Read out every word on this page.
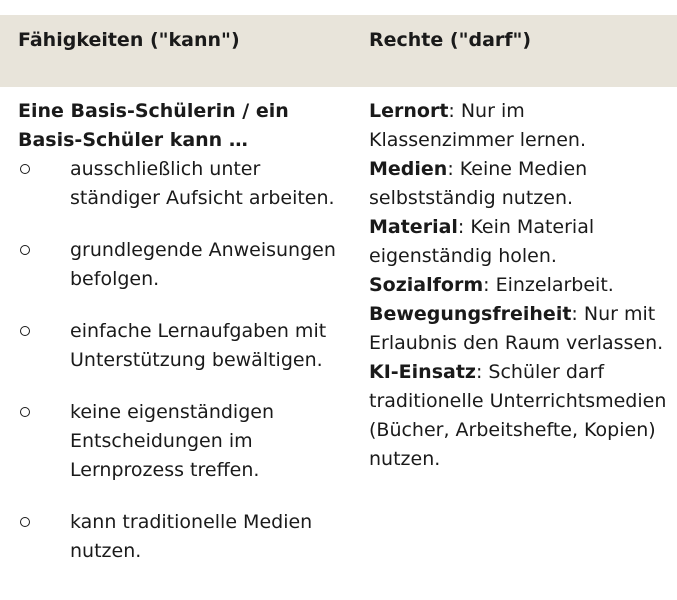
Fähigkeiten ("kann")	Rechte ("darf")
Eine Basis-Schülerin / ein Basis-Schüler kann …
ausschließlich unter ständiger Aufsicht arbeiten.
grundlegende Anweisungen befolgen.
einfache Lernaufgaben mit Unterstützung bewältigen.
keine eigenständigen Entscheidungen im Lernprozess treffen.
kann traditionelle Medien nutzen.
Lernort: Nur im Klassenzimmer lernen.
Medien: Keine Medien selbstständig nutzen.
Material: Kein Material eigenständig holen.
Sozialform: Einzelarbeit.
Bewegungsfreiheit: Nur mit Erlaubnis den Raum verlassen.
KI-Einsatz: Schüler darf traditionelle Unterrichtsmedien (Bücher, Arbeitshefte, Kopien) nutzen.
